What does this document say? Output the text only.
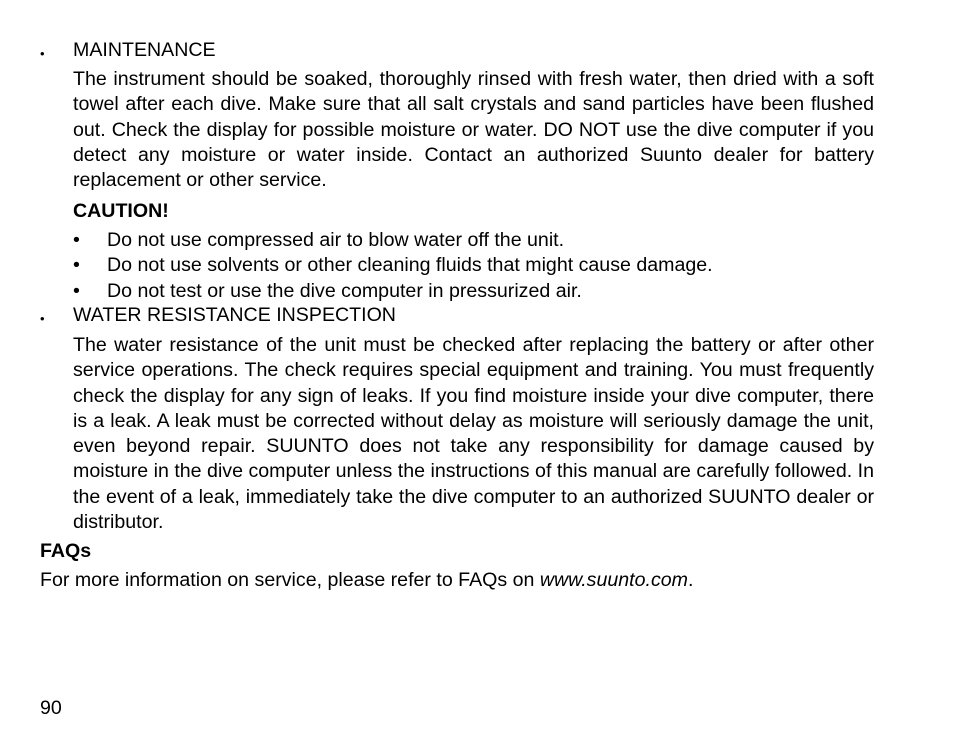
• MAINTENANCE

The instrument should be soaked, thoroughly rinsed with fresh water, then dried with a soft towel after each dive. Make sure that all salt crystals and sand particles have been flushed out. Check the display for possible moisture or water. DO NOT use the dive computer if you detect any moisture or water inside. Contact an authorized Suunto dealer for battery replacement or other service.

CAUTION!
• Do not use compressed air to blow water off the unit.
• Do not use solvents or other cleaning fluids that might cause damage.
• Do not test or use the dive computer in pressurized air.
• WATER RESISTANCE INSPECTION

The water resistance of the unit must be checked after replacing the battery or after other service operations. The check requires special equipment and training. You must frequently check the display for any sign of leaks. If you find moisture inside your dive computer, there is a leak. A leak must be corrected without delay as moisture will seriously damage the unit, even beyond repair. SUUNTO does not take any responsibility for damage caused by moisture in the dive computer unless the instructions of this manual are carefully followed. In the event of a leak, immediately take the dive computer to an authorized SUUNTO dealer or distributor.

FAQs
For more information on service, please refer to FAQs on www.suunto.com.
90
